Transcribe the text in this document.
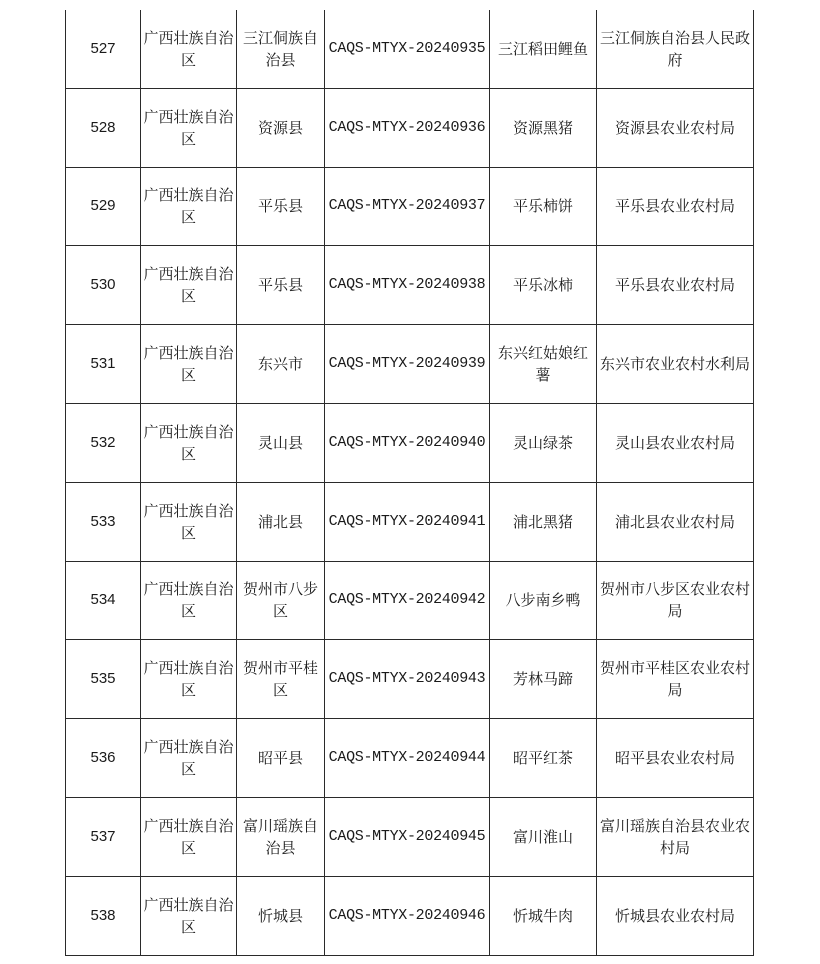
527	广西壮族自治区	三江侗族自治县	CAQS-MTYX-20240935	三江稻田鲤鱼	三江侗族自治县人民政府
528	广西壮族自治区	资源县	CAQS-MTYX-20240936	资源黑猪	资源县农业农村局
529	广西壮族自治区	平乐县	CAQS-MTYX-20240937	平乐柿饼	平乐县农业农村局
530	广西壮族自治区	平乐县	CAQS-MTYX-20240938	平乐冰柿	平乐县农业农村局
531	广西壮族自治区	东兴市	CAQS-MTYX-20240939	东兴红姑娘红薯	东兴市农业农村水利局
532	广西壮族自治区	灵山县	CAQS-MTYX-20240940	灵山绿茶	灵山县农业农村局
533	广西壮族自治区	浦北县	CAQS-MTYX-20240941	浦北黑猪	浦北县农业农村局
534	广西壮族自治区	贺州市八步区	CAQS-MTYX-20240942	八步南乡鸭	贺州市八步区农业农村局
535	广西壮族自治区	贺州市平桂区	CAQS-MTYX-20240943	芳林马蹄	贺州市平桂区农业农村局
536	广西壮族自治区	昭平县	CAQS-MTYX-20240944	昭平红茶	昭平县农业农村局
537	广西壮族自治区	富川瑶族自治县	CAQS-MTYX-20240945	富川淮山	富川瑶族自治县农业农村局
538	广西壮族自治区	忻城县	CAQS-MTYX-20240946	忻城牛肉	忻城县农业农村局
